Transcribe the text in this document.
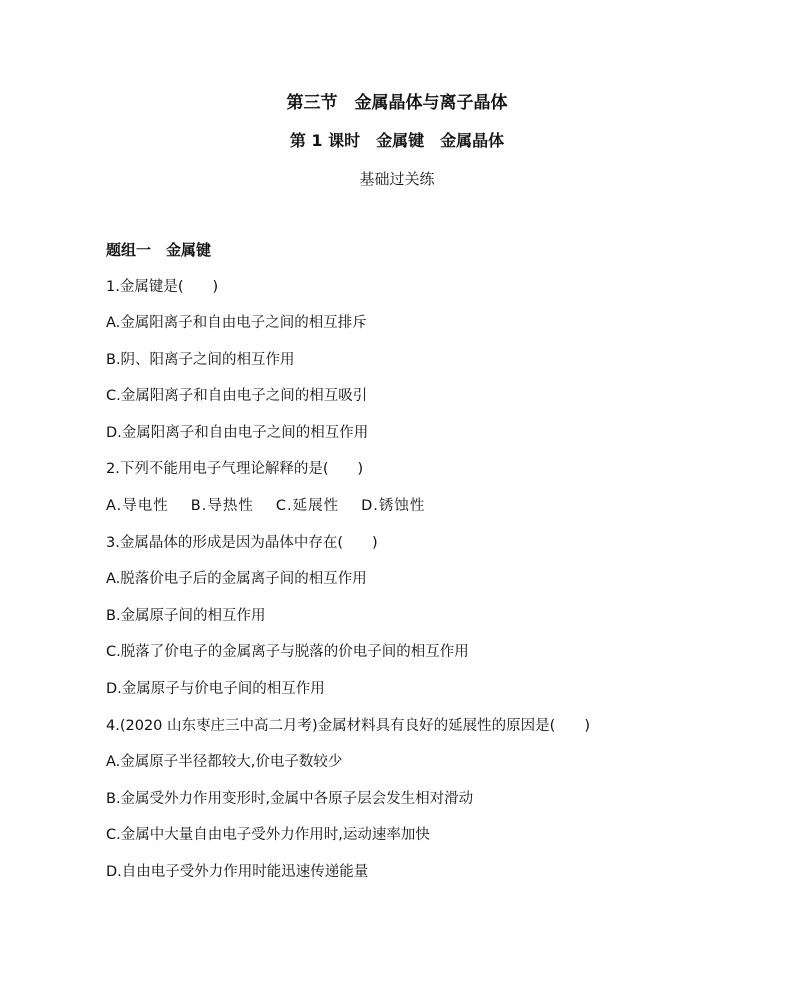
第三节　金属晶体与离子晶体
第 1 课时　金属键　金属晶体
基础过关练
题组一　金属键
1.金属键是(　　)
A.金属阳离子和自由电子之间的相互排斥
B.阴、阳离子之间的相互作用
C.金属阳离子和自由电子之间的相互吸引
D.金属阳离子和自由电子之间的相互作用
2.下列不能用电子气理论解释的是(　　)
A.导电性 B.导热性 C.延展性 D.锈蚀性
3.金属晶体的形成是因为晶体中存在(　　)
A.脱落价电子后的金属离子间的相互作用
B.金属原子间的相互作用
C.脱落了价电子的金属离子与脱落的价电子间的相互作用
D.金属原子与价电子间的相互作用
4.(2020 山东枣庄三中高二月考)金属材料具有良好的延展性的原因是(　　)
A.金属原子半径都较大,价电子数较少
B.金属受外力作用变形时,金属中各原子层会发生相对滑动
C.金属中大量自由电子受外力作用时,运动速率加快
D.自由电子受外力作用时能迅速传递能量
